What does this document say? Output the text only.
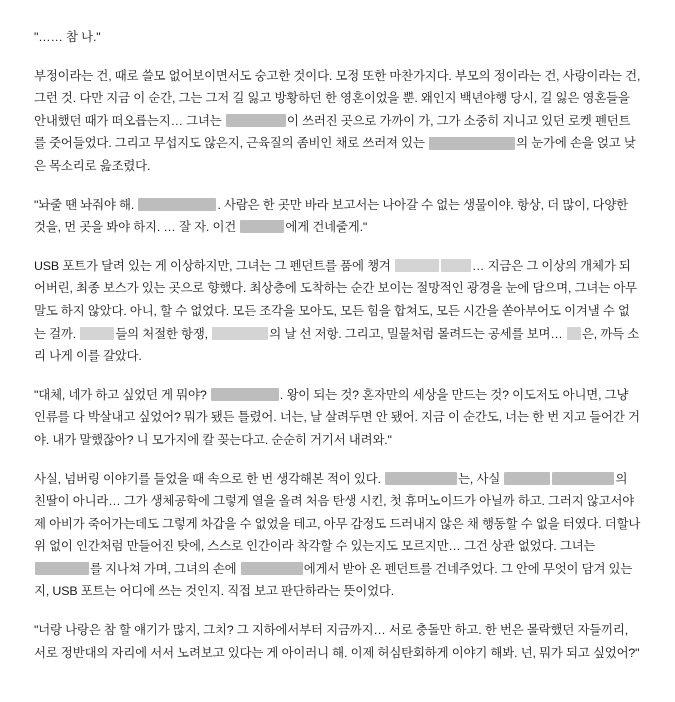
"…… 참 나."

부정이라는 건, 때로 쓸모 없어보이면서도 숭고한 것이다. 모정 또한 마찬가지다. 부모의 정이라는 건, 사랑이라는 건, 그런 것. 다만 지금 이 순간, 그는 그저 길 잃고 방황하던 한 영혼이었을 뿐. 왜인지 백년야행 당시, 길 잃은 영혼들을 안내했던 때가 떠오릅는지… 그녀는	이 쓰러진 곳으로 가까이 가, 그가 소중히 지니고 있던 로켓 펜던트를 줏어들었다. 그리고 무섭지도 않은지, 근육질의 좀비인 채로 쓰러져 있는	의 눈가에 손을 얹고 낮은 목소리로 읊조렸다.

"놔줄 땐 놔줘야 해.	. 사람은 한 곳만 바라 보고서는 나아갈 수 없는 생물이야. 항상, 더 많이, 다양한 것을, 먼 곳을 봐야 하지. … 잘 자. 이건	에게 건네줄게."

USB 포트가 달려 있는 게 이상하지만, 그녀는 그 펜던트를 품에 챙겨	… 지금은 그 이상의 개체가 되어버린, 최종 보스가 있는 곳으로 향했다. 최상층에 도착하는 순간 보이는 절망적인 광경을 눈에 담으며, 그녀는 아무 말도 하지 않았다. 아니, 할 수 없었다. 모든 조각을 모아도, 모든 힘을 합쳐도, 모든 시간을 쏟아부어도 이겨낼 수 없는 걸까.	들의 처절한 항쟁,	의 날 선 저항. 그리고, 밀물처럼 몰려드는 공세를 보며… 은, 까득 소리 나게 이를 갈았다.

"대체, 네가 하고 싶었던 게 뭐야?	. 왕이 되는 것? 혼자만의 세상을 만드는 것? 이도저도 아니면, 그냥 인류를 다 박살내고 싶었어? 뭐가 됐든 틀렸어. 너는, 날 살려두면 안 됐어. 지금 이 순간도, 너는 한 번 지고 들어간 거야. 내가 말했잖아? 니 모가지에 칼 꽂는다고. 순순히 거기서 내려와."

사실, 넘버링 이야기를 들었을 때 속으로 한 번 생각해본 적이 있다.	는, 사실	의 친딸이 아니라… 그가 생체공학에 그렇게 열을 올려 처음 탄생 시킨, 첫 휴머노이드가 아닐까 하고. 그러지 않고서야 제 아비가 죽어가는데도 그렇게 차갑을 수 없었을 테고, 아무 감정도 드러내지 않은 채 행동할 수 없을 터였다. 더할나위 없이 인간처럼 만들어진 탓에, 스스로 인간이라 착각할 수 있는지도 모르지만… 그건 상관 없었다. 그녀는 를 지나쳐 가며, 그녀의 손에	에게서 받아 온 펜던트를 건네주었다. 그 안에 무엇이 담겨 있는지, USB 포트는 어디에 쓰는 것인지. 직접 보고 판단하라는 뜻이었다.

"너랑 나랑은 참 할 얘기가 많지, 그치? 그 지하에서부터 지금까지… 서로 충돌만 하고. 한 번은 몰락했던 자들끼리, 서로 정반대의 자리에 서서 노려보고 있다는 게 아이러니 해. 이제 허심탄회하게 이야기 해봐. 넌, 뭐가 되고 싶었어?"
